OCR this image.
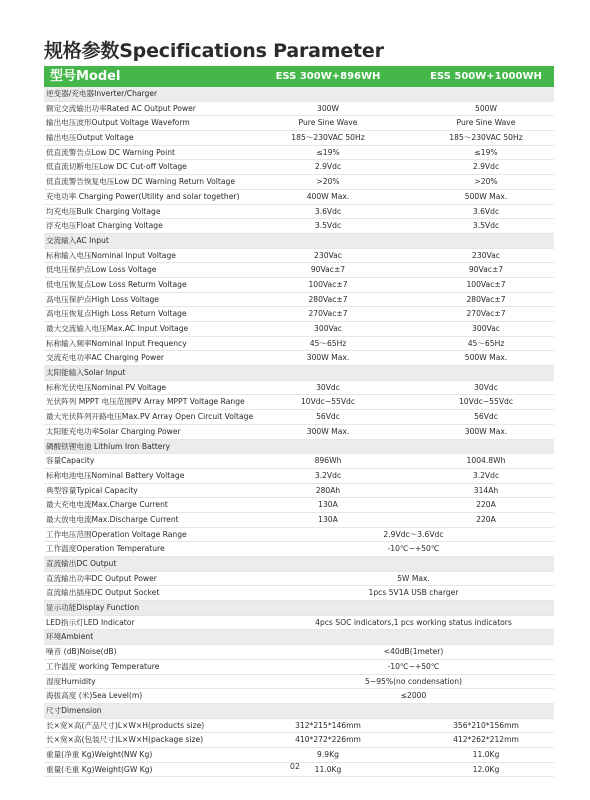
规格参数Specifications Parameter
型号Model	ESS 300W+896WH	ESS 500W+1000WH
逆变器/充电器Inverter/Charger
额定交流输出功率Rated AC Output Power	300W	500W
输出电压波形Output Voltage Waveform	Pure Sine Wave	Pure Sine Wave
输出电压Output Voltage	185～230VAC 50Hz	185～230VAC 50Hz
低直流警告点Low DC Warning Point	≤19%	≤19%
低直流切断电压Low DC Cut-off Voltage	2.9Vdc	2.9Vdc
低直流警告恢复电压Low DC Warning Return Voltage	>20%	>20%
充电功率 Charging Power(Utility and solar together)	400W Max.	500W Max.
均充电压Bulk Charging Voltage	3.6Vdc	3.6Vdc
浮充电压Float Charging Voltage	3.5Vdc	3.5Vdc
交流输入AC Input
标称输入电压Nominal Input Voltage	230Vac	230Vac
低电压保护点Low Loss Voltage	90Vac±7	90Vac±7
低电压恢复点Low Loss Returm Voltage	100Vac±7	100Vac±7
高电压保护点High Loss Voltage	280Vac±7	280Vac±7
高电压恢复点High Loss Return Voltage	270Vac±7	270Vac±7
最大交流输入电压Max.AC Input Voltage	300Vac	300Vac
标称输入频率Nominal Input Frequency	45～65Hz	45～65Hz
交流充电功率AC Charging Power	300W Max.	500W Max.
太阳能输入Solar Input
标称光伏电压Nominal PV Voltage	30Vdc	30Vdc
光伏阵列 MPPT 电压范围PV Array MPPT Voltage Range	10Vdc~55Vdc	10Vdc~55Vdc
最大光伏阵列开路电压Max.PV Array Open Circuit Voltage	56Vdc	56Vdc
太阳能充电功率Solar Charging Power	300W Max.	300W Max.
磷酸铁锂电池 Lithium Iron Battery
容量Capacity	896Wh	1004.8Wh
标称电池电压Nominal Battery Voltage	3.2Vdc	3.2Vdc
典型容量Typical Capacity	280Ah	314Ah
最大充电电流Max.Charge Current	130A	220A
最大放电电流Max.Discharge Current	130A	220A
工作电压范围Operation Voltage Range	2.9Vdc～3.6Vdc
工作温度Operation Temperature	-10℃~+50℃
直流输出DC Output
直流输出功率DC Output Power	5W Max.
直流输出插座DC Output Socket	1pcs 5V1A USB charger
显示功能Display Function
LED指示灯LED Indicator	4pcs SOC indicators,1 pcs working status indicators
环境Ambient
噪音 (dB)Noise(dB)	<40dB(1meter)
工作温度 working Temperature	-10℃~+50℃
湿度Humidity	5~95%(no condensation)
海拔高度 (米)Sea Level(m)	≤2000
尺寸Dimension
长×宽×高(产品尺寸)L×W×H(products size)	312*215*146mm	356*210*156mm
长×宽×高(包装尺寸)L×W×H(package size)	410*272*226mm	412*262*212mm
重量(净重 Kg)Weight(NW Kg)	9.9Kg	11.0Kg
重量(毛重 Kg)Weight(GW Kg)	11.0Kg	12.0Kg
02
